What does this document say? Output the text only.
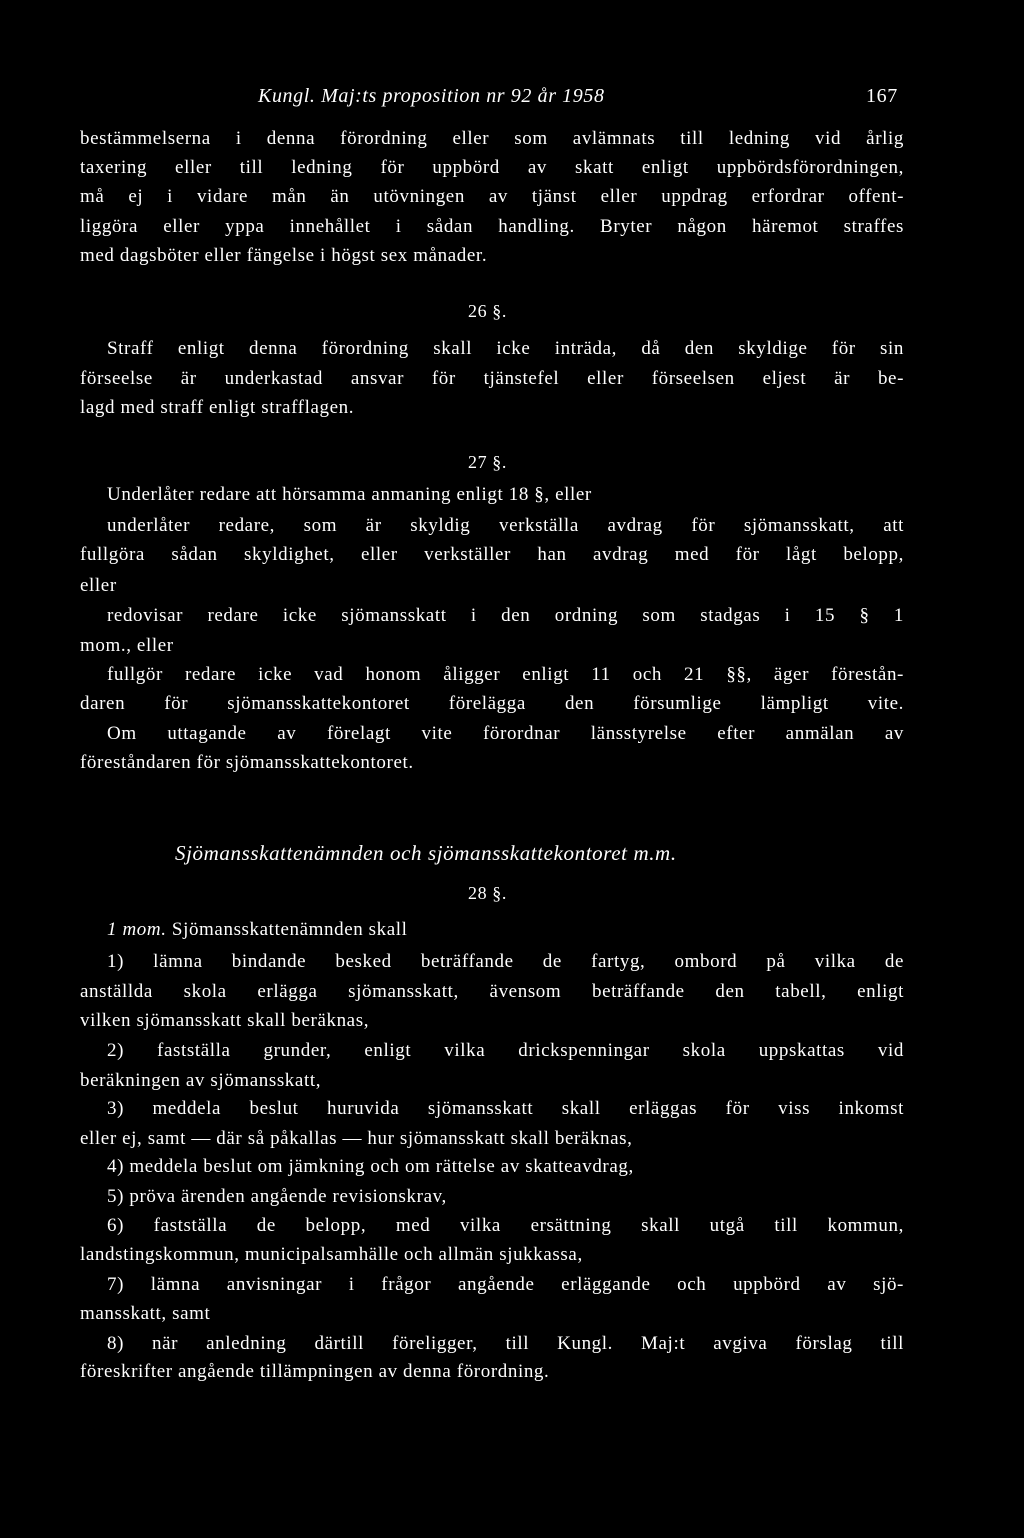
Kungl. Maj:ts proposition nr 92 år 1958	167
bestämmelserna i denna förordning eller som avlämnats till ledning vid årlig
taxering eller till ledning för uppbörd av skatt enligt uppbördsförordningen,
må ej i vidare mån än utövningen av tjänst eller uppdrag erfordrar offent-
liggöra eller yppa innehållet i sådan handling. Bryter någon häremot straffes
med dagsböter eller fängelse i högst sex månader.
26 §.
Straff enligt denna förordning skall icke inträda, då den skyldige för sin
förseelse är underkastad ansvar för tjänstefel eller förseelsen eljest är be-
lagd med straff enligt strafflagen.
27 §.
Underlåter redare att hörsamma anmaning enligt 18 §, eller
underlåter redare, som är skyldig verkställa avdrag för sjömansskatt, att
fullgöra sådan skyldighet, eller verkställer han avdrag med för lågt belopp,
eller
redovisar redare icke sjömansskatt i den ordning som stadgas i 15 § 1
mom., eller
fullgör redare icke vad honom åligger enligt 11 och 21 §§, äger förestån-
daren för sjömansskattekontoret förelägga den försumlige lämpligt vite.
Om uttagande av förelagt vite förordnar länsstyrelse efter anmälan av
föreståndaren för sjömansskattekontoret.
Sjömansskattenämnden och sjömansskattekontoret m.m.
28 §.
1 mom. Sjömansskattenämnden skall
1) lämna bindande besked beträffande de fartyg, ombord på vilka de
anställda skola erlägga sjömansskatt, ävensom beträffande den tabell, enligt
vilken sjömansskatt skall beräknas,
2) fastställa grunder, enligt vilka drickspenningar skola uppskattas vid
beräkningen av sjömansskatt,
3) meddela beslut huruvida sjömansskatt skall erläggas för viss inkomst
eller ej, samt — där så påkallas — hur sjömansskatt skall beräknas,
4) meddela beslut om jämkning och om rättelse av skatteavdrag,
5) pröva ärenden angående revisionskrav,
6) fastställa de belopp, med vilka ersättning skall utgå till kommun,
landstingskommun, municipalsamhälle och allmän sjukkassa,
7) lämna anvisningar i frågor angående erläggande och uppbörd av sjö-
mansskatt, samt
8) när anledning därtill föreligger, till Kungl. Maj:t avgiva förslag till
föreskrifter angående tillämpningen av denna förordning.
